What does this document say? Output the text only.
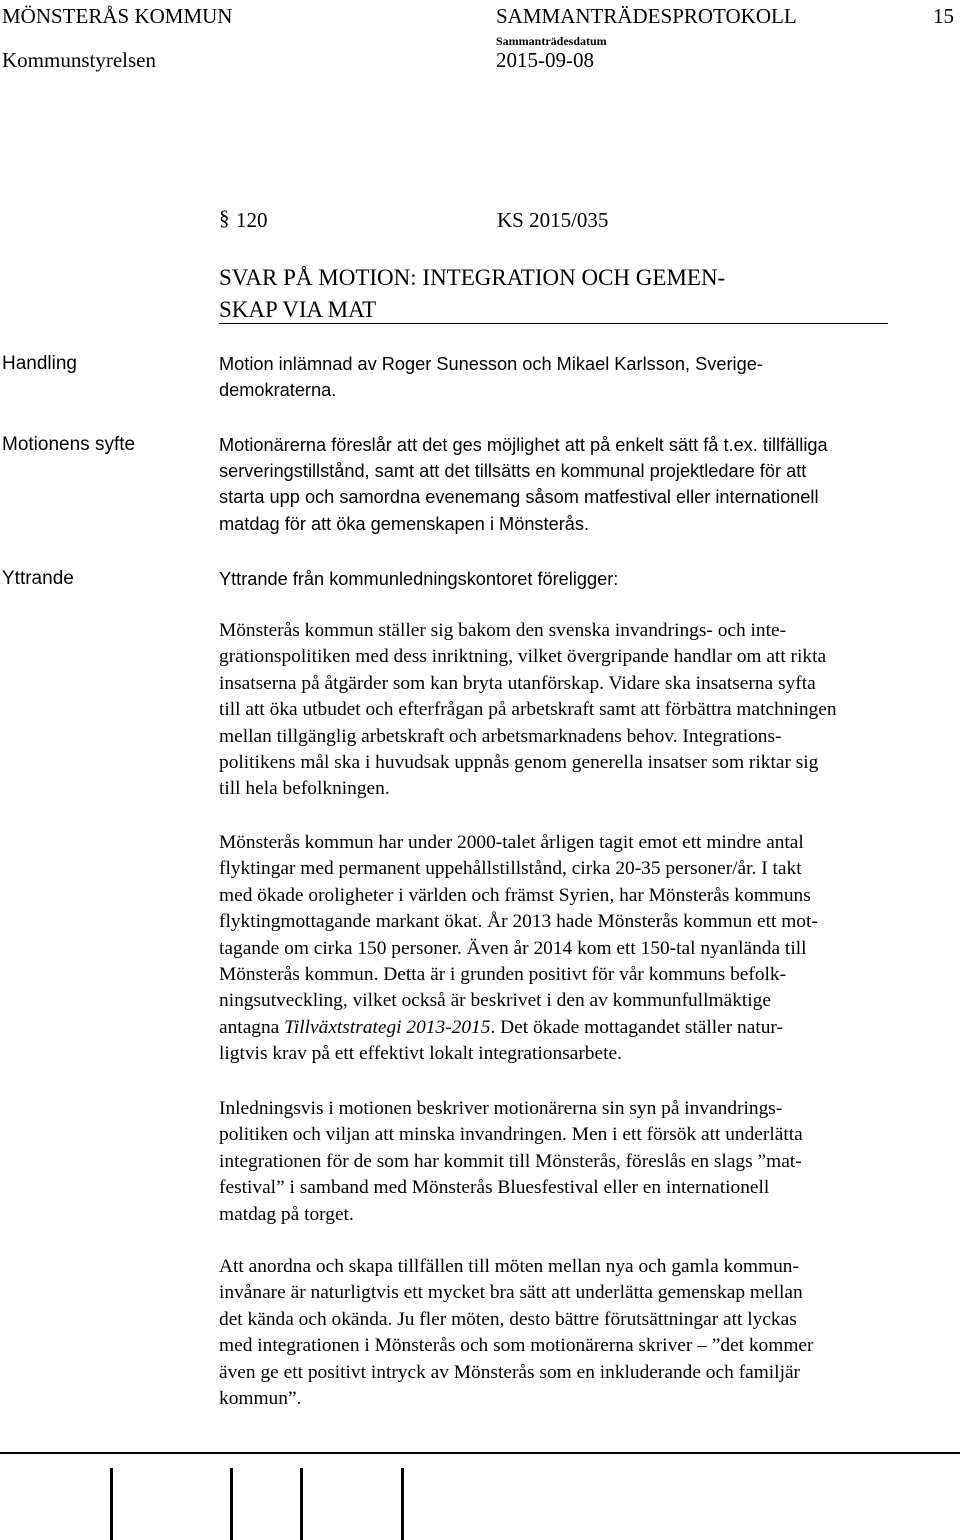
MÖNSTERÅS KOMMUN	SAMMANTRÄDESPROTOKOLL	15
Kommunstyrelsen
Sammanträdesdatum
2015-09-08
§ 120	KS 2015/035
SVAR PÅ MOTION: INTEGRATION OCH GEMEN-
SKAP VIA MAT
Handling	Motion inlämnad av Roger Sunesson och Mikael Karlsson, Sverige-
demokraterna.
Motionens syfte	Motionärerna föreslår att det ges möjlighet att på enkelt sätt få t.ex. tillfälliga
serveringstillstånd, samt att det tillsätts en kommunal projektledare för att
starta upp och samordna evenemang såsom matfestival eller internationell
matdag för att öka gemenskapen i Mönsterås.
Yttrande	Yttrande från kommunledningskontoret föreligger:
Mönsterås kommun ställer sig bakom den svenska invandrings- och inte-
grationspolitiken med dess inriktning, vilket övergripande handlar om att rikta
insatserna på åtgärder som kan bryta utanförskap. Vidare ska insatserna syfta
till att öka utbudet och efterfrågan på arbetskraft samt att förbättra matchningen
mellan tillgänglig arbetskraft och arbetsmarknadens behov. Integrations-
politikens mål ska i huvudsak uppnås genom generella insatser som riktar sig
till hela befolkningen.
Mönsterås kommun har under 2000-talet årligen tagit emot ett mindre antal
flyktingar med permanent uppehållstillstånd, cirka 20-35 personer/år. I takt
med ökade oroligheter i världen och främst Syrien, har Mönsterås kommuns
flyktingmottagande markant ökat. År 2013 hade Mönsterås kommun ett mot-
tagande om cirka 150 personer. Även år 2014 kom ett 150-tal nyanlända till
Mönsterås kommun. Detta är i grunden positivt för vår kommuns befolk-
ningsutveckling, vilket också är beskrivet i den av kommunfullmäktige
antagna Tillväxtstrategi 2013-2015. Det ökade mottagandet ställer natur-
ligtvis krav på ett effektivt lokalt integrationsarbete.
Inledningsvis i motionen beskriver motionärerna sin syn på invandrings-
politiken och viljan att minska invandringen. Men i ett försök att underlätta
integrationen för de som har kommit till Mönsterås, föreslås en slags ”mat-
festival” i samband med Mönsterås Bluesfestival eller en internationell
matdag på torget.
Att anordna och skapa tillfällen till möten mellan nya och gamla kommun-
invånare är naturligtvis ett mycket bra sätt att underlätta gemenskap mellan
det kända och okända. Ju fler möten, desto bättre förutsättningar att lyckas
med integrationen i Mönsterås och som motionärerna skriver – ”det kommer
även ge ett positivt intryck av Mönsterås som en inkluderande och familjär
kommun”.
